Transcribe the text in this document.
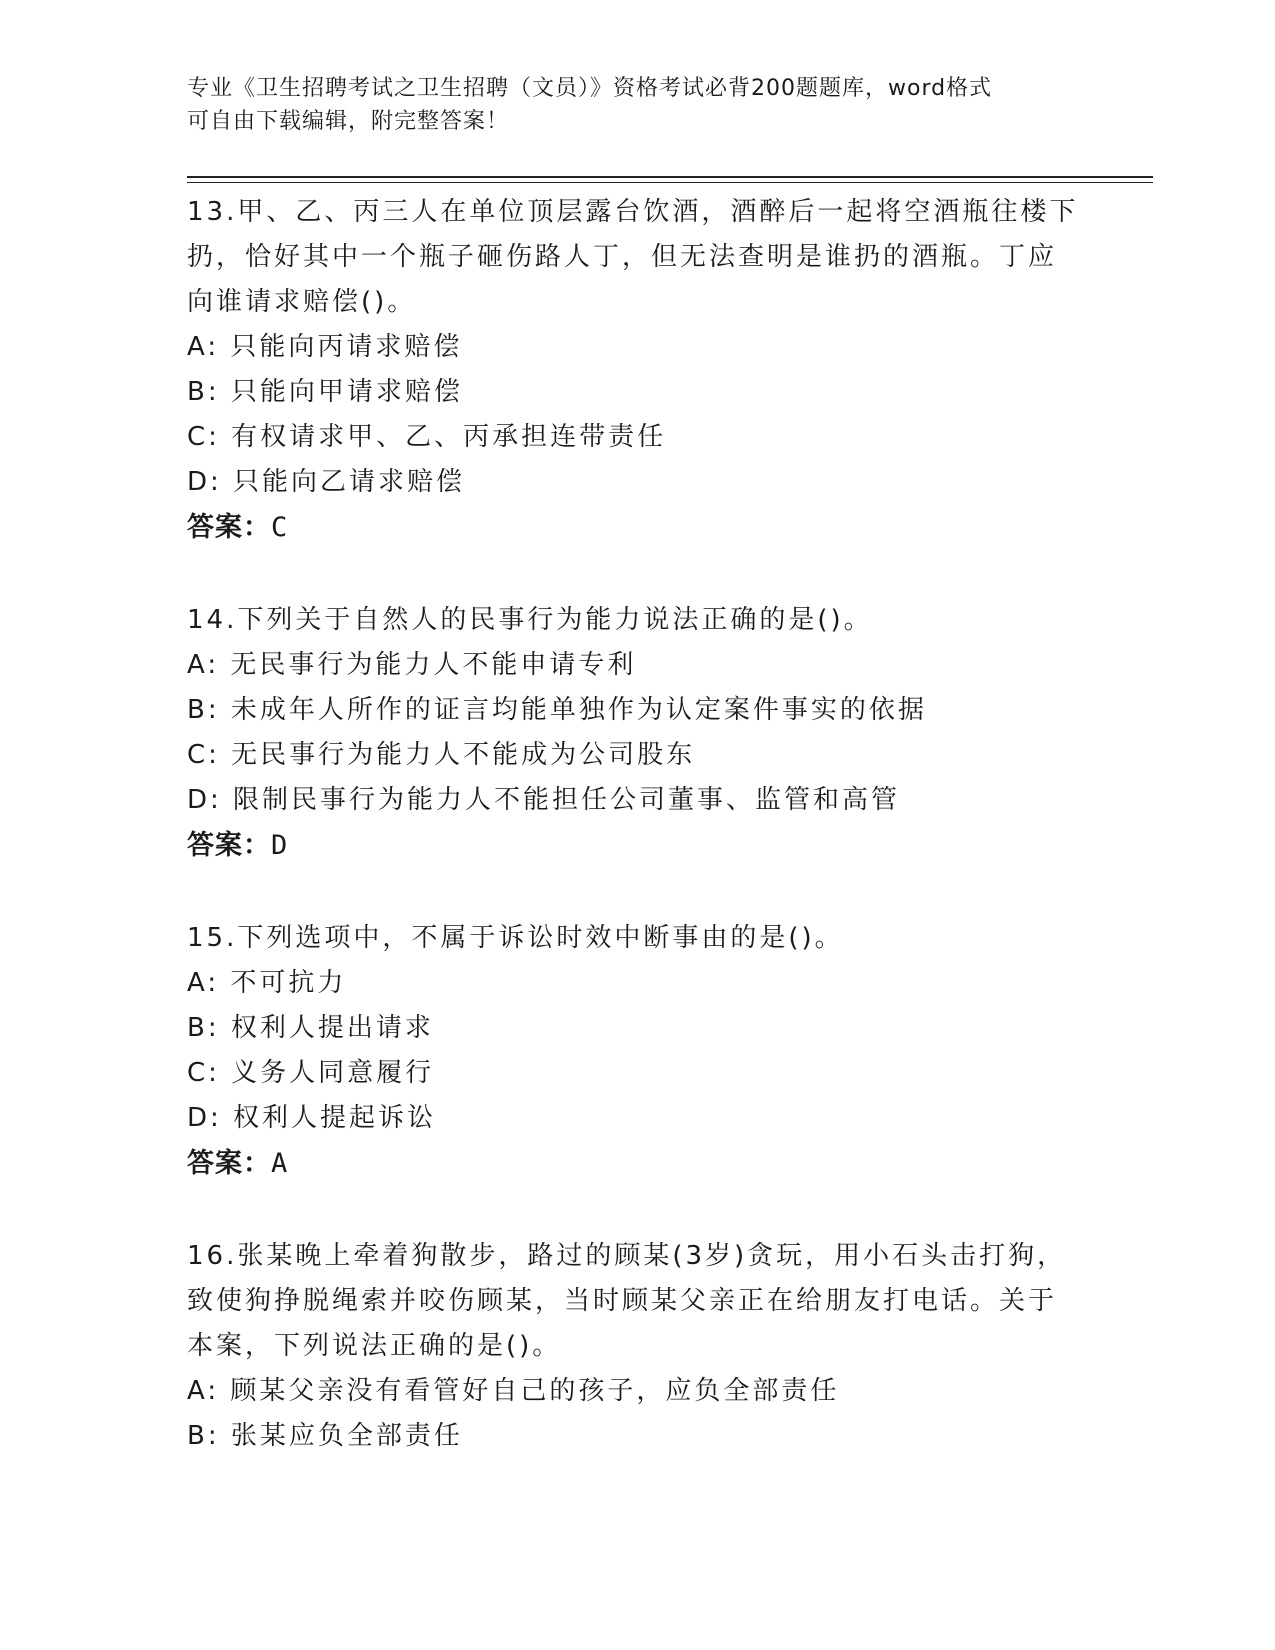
专业《卫生招聘考试之卫生招聘（文员）》资格考试必背200题题库，word格式
可自由下载编辑，附完整答案！
13.甲、乙、丙三人在单位顶层露台饮酒，酒醉后一起将空酒瓶往楼下
扔，恰好其中一个瓶子砸伤路人丁，但无法查明是谁扔的酒瓶。丁应
向谁请求赔偿()。
A: 只能向丙请求赔偿
B: 只能向甲请求赔偿
C: 有权请求甲、乙、丙承担连带责任
D: 只能向乙请求赔偿
答案：C
14.下列关于自然人的民事行为能力说法正确的是()。
A: 无民事行为能力人不能申请专利
B: 未成年人所作的证言均能单独作为认定案件事实的依据
C: 无民事行为能力人不能成为公司股东
D: 限制民事行为能力人不能担任公司董事、监管和高管
答案：D
15.下列选项中，不属于诉讼时效中断事由的是()。
A: 不可抗力
B: 权利人提出请求
C: 义务人同意履行
D: 权利人提起诉讼
答案：A
16.张某晚上牵着狗散步，路过的顾某(3岁)贪玩，用小石头击打狗，
致使狗挣脱绳索并咬伤顾某，当时顾某父亲正在给朋友打电话。关于
本案，下列说法正确的是()。
A: 顾某父亲没有看管好自己的孩子，应负全部责任
B: 张某应负全部责任
